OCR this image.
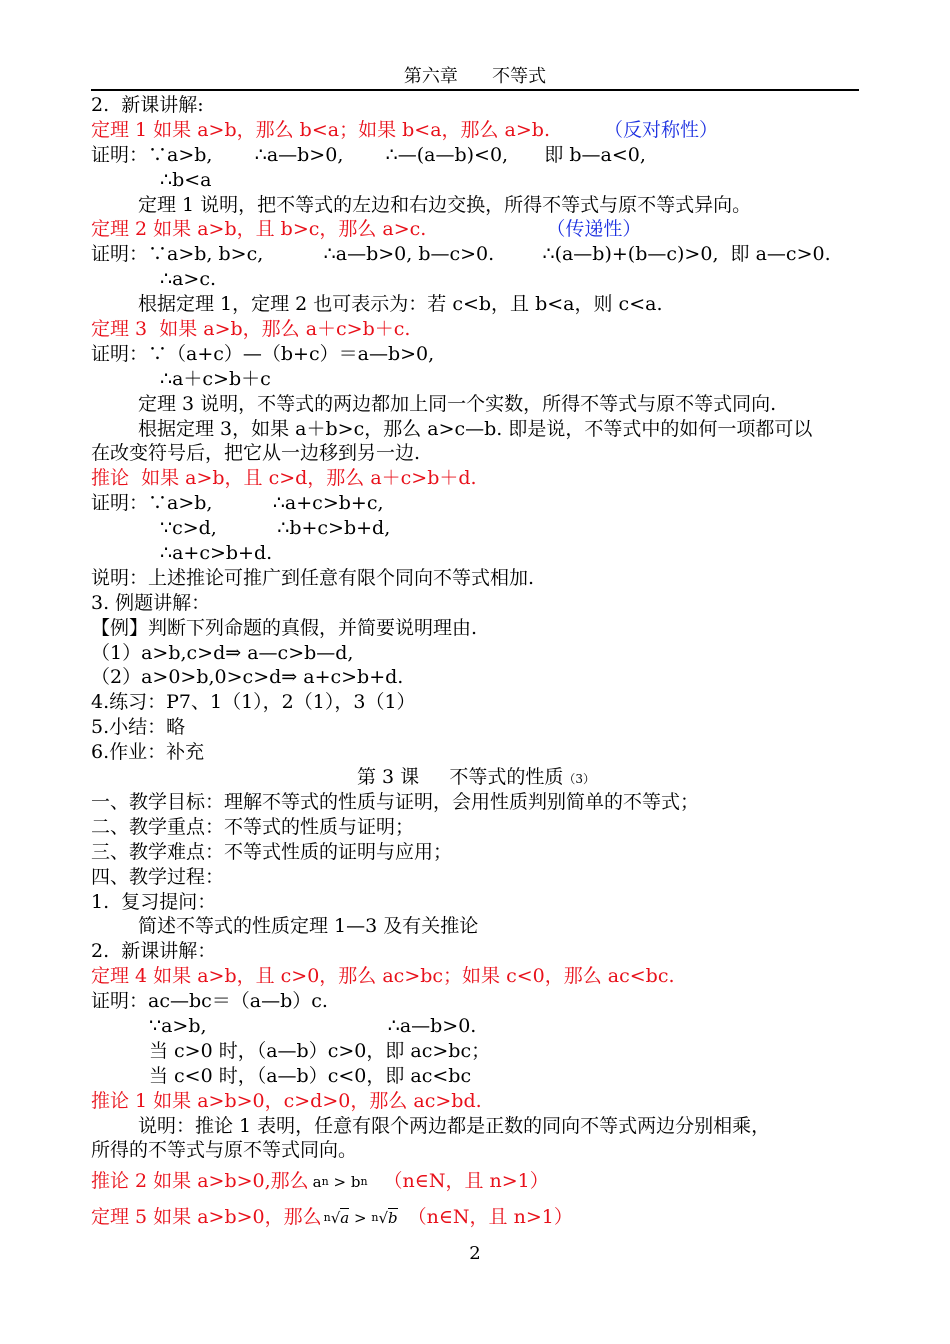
第六章      不等式
2.  新课讲解:
定理 1 如果 a>b，那么 b<a；如果 b<a，那么 a>b.	（反对称性）
证明：∵a>b,       ∴a—b>0,       ∴—(a—b)<0,      即 b—a<0,
∴b<a
定理 1 说明，把不等式的左边和右边交换，所得不等式与原不等式异向。
定理 2 如果 a>b，且 b>c，那么 a>c.	（传递性）
证明：∵a>b, b>c,          ∴a—b>0, b—c>0.        ∴(a—b)+(b—c)>0,  即 a—c>0.
∴a>c.
根据定理 1，定理 2 也可表示为：若 c<b，且 b<a，则 c<a.
定理 3  如果 a>b，那么 a＋c>b＋c.
证明：∵（a+c）—（b+c）＝a—b>0,
∴a＋c>b＋c
定理 3 说明，不等式的两边都加上同一个实数，所得不等式与原不等式同向.
根据定理 3，如果 a＋b>c，那么 a>c—b. 即是说，不等式中的如何一项都可以
在改变符号后，把它从一边移到另一边.
推论  如果 a>b，且 c>d，那么 a＋c>b＋d.
证明：∵a>b,          ∴a+c>b+c,
∵c>d,          ∴b+c>b+d,
∴a+c>b+d.
说明：上述推论可推广到任意有限个同向不等式相加.
3. 例题讲解：
【例】判断下列命题的真假，并简要说明理由.
（1）a>b,c>d⇒ a—c>b—d,
（2）a>0>b,0>c>d⇒ a+c>b+d.
4.练习：P7、1（1），2（1），3（1）
5.小结：略
6.作业：补充
第 3 课     不等式的性质（3）
一、教学目标：理解不等式的性质与证明，会用性质判别简单的不等式；
二、教学重点：不等式的性质与证明；
三、教学难点：不等式性质的证明与应用；
四、教学过程：
1.  复习提问：
简述不等式的性质定理 1—3 及有关推论
2.  新课讲解：
定理 4 如果 a>b，且 c>0，那么 ac>bc；如果 c<0，那么 ac<bc.
证明：ac—bc＝（a—b）c.
∵a>b,                              ∴a—b>0.
当 c>0 时，（a—b）c>0，即 ac>bc；
当 c<0 时，（a—b）c<0，即 ac<bc
推论 1 如果 a>b>0，c>d>0，那么 ac>bd.
说明：推论 1 表明，任意有限个两边都是正数的同向不等式两边分别相乘，
所得的不等式与原不等式同向。
推论 2 如果 a>b>0,那么 an > bn （n∈N，且 n>1）
定理 5 如果 a>b>0，那么 n√a > n√b （n∈N，且 n>1）
2
